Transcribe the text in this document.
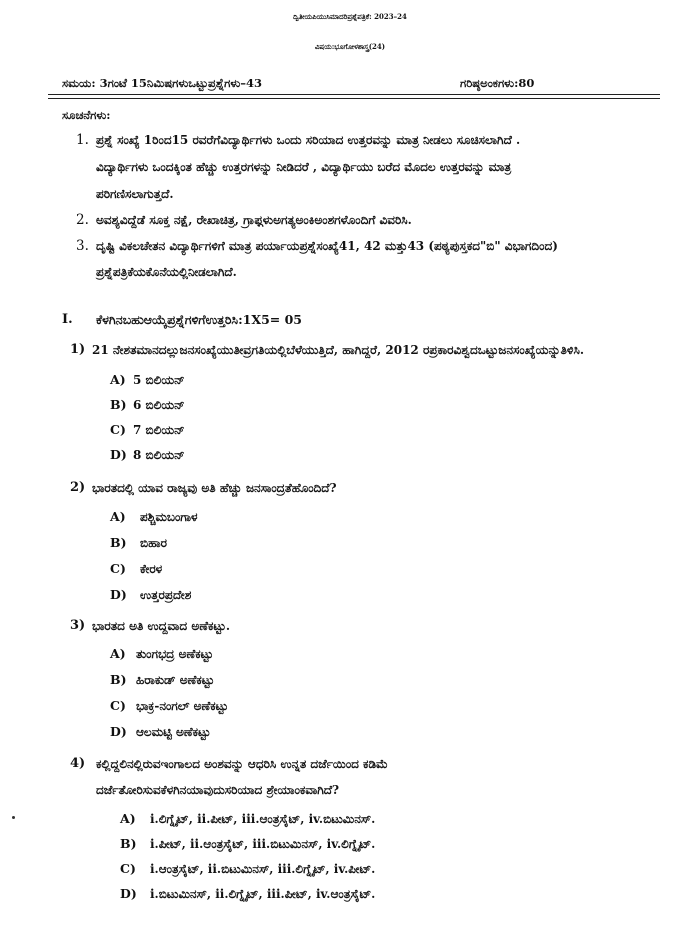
ದ್ವಿತೀಯಪಿಯುಸಿಮಾದರಿಪ್ರಶ್ನೆಪತ್ರಿಕೆ: 2023–24
ವಿಷಯ:ಭೂಗೋಳಶಾಸ್ತ್ರ(24)
ಸಮಯ: 3ಗಂಟೆ 15ನಿಮಿಷಗಳುಒಟ್ಟುಪ್ರಶ್ನೆಗಳು–43	ಗರಿಷ್ಠಅಂಕಗಳು:80
ಸೂಚನೆಗಳು:
1. ಪ್ರಶ್ನೆ ಸಂಖ್ಯೆ 1ರಿಂದ15 ರವರೆಗೆವಿದ್ಯಾರ್ಥಿಗಳು ಒಂದು ಸರಿಯಾದ ಉತ್ತರವನ್ನು ಮಾತ್ರ ನೀಡಲು ಸೂಚಿಸಲಾಗಿದೆ .
ವಿದ್ಯಾರ್ಥಿಗಳು ಒಂದಕ್ಕಿಂತ ಹೆಚ್ಚು ಉತ್ತರಗಳನ್ನು ನೀಡಿದರೆ , ವಿದ್ಯಾರ್ಥಿಯು ಬರೆದ ಮೊದಲ ಉತ್ತರವನ್ನು ಮಾತ್ರ
ಪರಿಗಣಿಸಲಾಗುತ್ತದೆ.
2. ಅವಶ್ಯವಿದ್ದೆಡೆ ಸೂಕ್ತ ನಕ್ಷೆ, ರೇಖಾಚಿತ್ರ, ಗ್ರಾಫ್ಗಳುಅಗತ್ಯಅಂಕಿಅಂಶಗಳೊಂದಿಗೆ ವಿವರಿಸಿ.
3. ದೃಷ್ಟಿ ವಿಕಲಚೇತನ ವಿದ್ಯಾರ್ಥಿಗಳಿಗೆ ಮಾತ್ರ ಪರ್ಯಾಯಪ್ರಶ್ನೆಸಂಖ್ಯೆ41, 42 ಮತ್ತು43 (ಪಠ್ಯಪುಸ್ತಕದ"ಬಿ" ವಿಭಾಗದಿಂದ)
ಪ್ರಶ್ನೆಪತ್ರಿಕೆಯಕೊನೆಯಲ್ಲಿನೀಡಲಾಗಿದೆ.
I. ಕೆಳಗಿನಬಹುಆಯ್ಕೆಪ್ರಶ್ನೆಗಳಿಗೆಉತ್ತರಿಸಿ:1X5= 05
1) 21 ನೇಶತಮಾನದಲ್ಲುಜನಸಂಖ್ಯೆಯುತೀವ್ರಗತಿಯಲ್ಲಿಬೆಳೆಯುತ್ತಿದೆ, ಹಾಗಿದ್ದರೆ, 2012 ರಪ್ರಕಾರವಿಶ್ವದಒಟ್ಟುಜನಸಂಖ್ಯೆಯನ್ನುತಿಳಿಸಿ.
A) 5 ಬಿಲಿಯನ್
B) 6 ಬಿಲಿಯನ್
C) 7 ಬಿಲಿಯನ್
D) 8 ಬಿಲಿಯನ್
2) ಭಾರತದಲ್ಲಿ ಯಾವ ರಾಜ್ಯವು ಅತಿ ಹೆಚ್ಚು ಜನಸಾಂದ್ರತೆಹೊಂದಿದೆ?
A) ಪಶ್ಚಿಮಬಂಗಾಳ
B) ಬಿಹಾರ
C) ಕೇರಳ
D) ಉತ್ತರಪ್ರದೇಶ
3) ಭಾರತದ ಅತಿ ಉದ್ದವಾದ ಅಣೆಕಟ್ಟು.
A) ತುಂಗಭದ್ರ ಅಣೆಕಟ್ಟು
B) ಹಿರಾಕುಡ್ ಅಣೆಕಟ್ಟು
C) ಭಾಕ್ರ-ನಂಗಲ್ ಅಣೆಕಟ್ಟು
D) ಆಲಮಟ್ಟಿ ಅಣೆಕಟ್ಟು
4) ಕಲ್ಲಿದ್ದಲಿನಲ್ಲಿರುವಇಂಗಾಲದ ಅಂಶವನ್ನು ಆಧರಿಸಿ ಉನ್ನತ ದರ್ಜೆಯಿಂದ ಕಡಿಮೆ
ದರ್ಜೆತೋರಿಸುವಕೆಳಗಿನಯಾವುದುಸರಿಯಾದ ಶ್ರೇಯಾಂಕವಾಗಿದೆ?
A) i.ಲಿಗ್ನೈಟ್, ii.ಪೀಟ್, iii.ಆಂತ್ರಸೈಟ್, iv.ಬಿಟುಮಿನಸ್.
B) i.ಪೀಟ್, ii.ಆಂತ್ರಸೈಟ್, iii.ಬಿಟುಮಿನಸ್, iv.ಲಿಗ್ನೈಟ್.
C) i.ಆಂತ್ರಸೈಟ್, ii.ಬಿಟುಮಿನಸ್, iii.ಲಿಗ್ನೈಟ್, iv.ಪೀಟ್.
D) i.ಬಿಟುಮಿನಸ್, ii.ಲಿಗ್ನೈಟ್, iii.ಪೀಟ್, iv.ಆಂತ್ರಸೈಟ್.
